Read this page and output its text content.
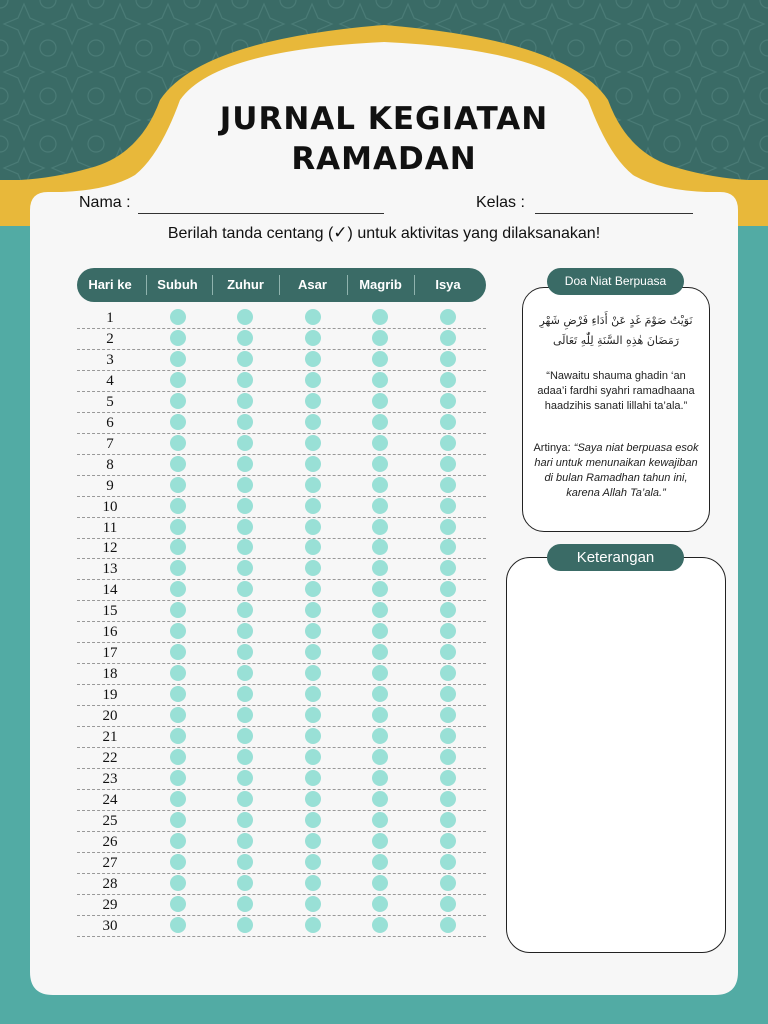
JURNAL KEGIATAN
RAMADAN
Nama :	Kelas :
Berilah tanda centang (✓) untuk aktivitas yang dilaksanakan!
Hari ke	Subuh	Zuhur	Asar	Magrib	Isya
1
2
3
4
5
6
7
8
9
10
11
12
13
14
15
16
17
18
19
20
21
22
23
24
25
26
27
28
29
30
Doa Niat Berpuasa
نَوَيْتُ صَوْمَ غَدٍ عَنْ أَدَاءِ فَرْضِ شَهْرِ رَمَضَانَ هٰذِهِ السَّنَةِ لِلّٰهِ تَعَالَى
“Nawaitu shauma ghadin ‘an adaa’i fardhi syahri ramadhaana haadzihis sanati lillahi ta’ala.”
Artinya: “Saya niat berpuasa esok hari untuk menunaikan kewajiban di bulan Ramadhan tahun ini, karena Allah Ta’ala.”
Keterangan
